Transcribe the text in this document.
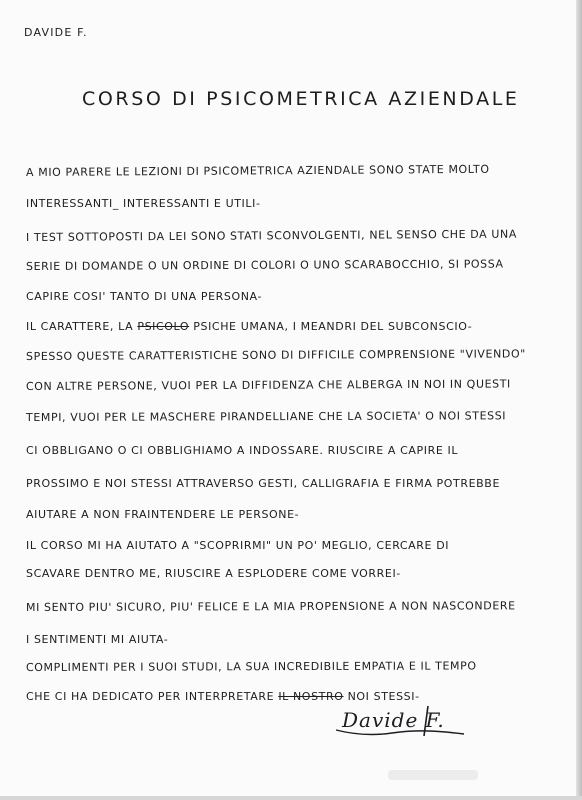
DAVIDE F.

CORSO DI PSICOMETRICA AZIENDALE

A MIO PARERE LE LEZIONI DI PSICOMETRICA AZIENDALE SONO STATE MOLTO

INTERESSANTI_ INTERESSANTI E UTILI-

I TEST SOTTOPOSTI DA LEI SONO STATI SCONVOLGENTI, NEL SENSO CHE DA UNA

SERIE DI DOMANDE O UN ORDINE DI COLORI O UNO SCARABOCCHIO, SI POSSA

CAPIRE COSI' TANTO DI UNA PERSONA-

IL CARATTERE, LA PSICOLO PSICHE UMANA, I MEANDRI DEL SUBCONSCIO-

SPESSO QUESTE CARATTERISTICHE SONO DI DIFFICILE COMPRENSIONE "VIVENDO"

CON ALTRE PERSONE, VUOI PER LA DIFFIDENZA CHE ALBERGA IN NOI IN QUESTI

TEMPI, VUOI PER LE MASCHERE PIRANDELLIANE CHE LA SOCIETA' O NOI STESSI

CI OBBLIGANO O CI OBBLIGHIAMO A INDOSSARE. RIUSCIRE A CAPIRE IL

PROSSIMO E NOI STESSI ATTRAVERSO GESTI, CALLIGRAFIA E FIRMA POTREBBE

AIUTARE A NON FRAINTENDERE LE PERSONE-

IL CORSO MI HA AIUTATO A "SCOPRIRMI" UN PO' MEGLIO, CERCARE DI

SCAVARE DENTRO ME, RIUSCIRE A ESPLODERE COME VORREI-

MI SENTO PIU' SICURO, PIU' FELICE E LA MIA PROPENSIONE A NON NASCONDERE

I SENTIMENTI MI AIUTA-

COMPLIMENTI PER I SUOI STUDI, LA SUA INCREDIBILE EMPATIA E IL TEMPO

CHE CI HA DEDICATO PER INTERPRETARE IL NOSTRO NOI STESSI-

Davide F.
